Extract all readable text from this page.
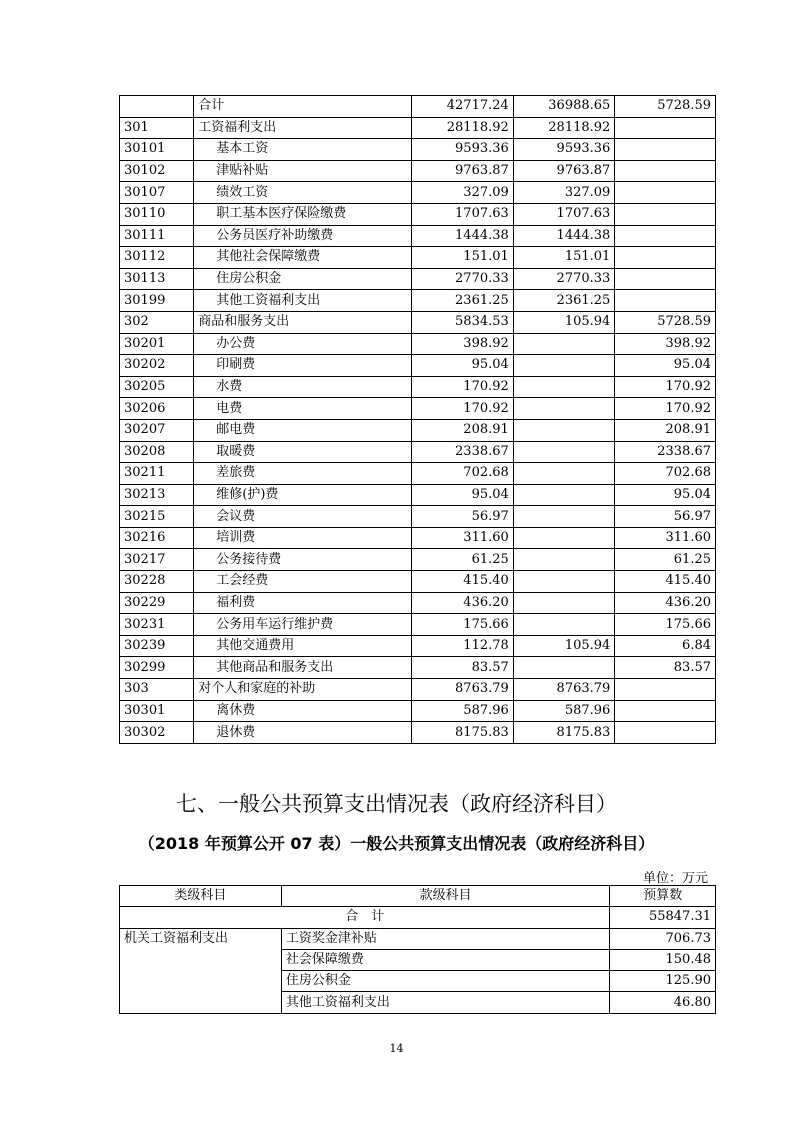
	合计	42717.24	36988.65	5728.59
301	工资福利支出	28118.92	28118.92	
30101	基本工资	9593.36	9593.36	
30102	津贴补贴	9763.87	9763.87	
30107	绩效工资	327.09	327.09	
30110	职工基本医疗保险缴费	1707.63	1707.63	
30111	公务员医疗补助缴费	1444.38	1444.38	
30112	其他社会保障缴费	151.01	151.01	
30113	住房公积金	2770.33	2770.33	
30199	其他工资福利支出	2361.25	2361.25	
302	商品和服务支出	5834.53	105.94	5728.59
30201	办公费	398.92		398.92
30202	印刷费	95.04		95.04
30205	水费	170.92		170.92
30206	电费	170.92		170.92
30207	邮电费	208.91		208.91
30208	取暖费	2338.67		2338.67
30211	差旅费	702.68		702.68
30213	维修(护)费	95.04		95.04
30215	会议费	56.97		56.97
30216	培训费	311.60		311.60
30217	公务接待费	61.25		61.25
30228	工会经费	415.40		415.40
30229	福利费	436.20		436.20
30231	公务用车运行维护费	175.66		175.66
30239	其他交通费用	112.78	105.94	6.84
30299	其他商品和服务支出	83.57		83.57
303	对个人和家庭的补助	8763.79	8763.79	
30301	离休费	587.96	587.96	
30302	退休费	8175.83	8175.83	
七、一般公共预算支出情况表（政府经济科目）
（2018 年预算公开 07 表）一般公共预算支出情况表（政府经济科目）
单位：万元
类级科目	款级科目	预算数
合　计		55847.31
机关工资福利支出	工资奖金津补贴	706.73
	社会保障缴费	150.48
	住房公积金	125.90
	其他工资福利支出	46.80
14
